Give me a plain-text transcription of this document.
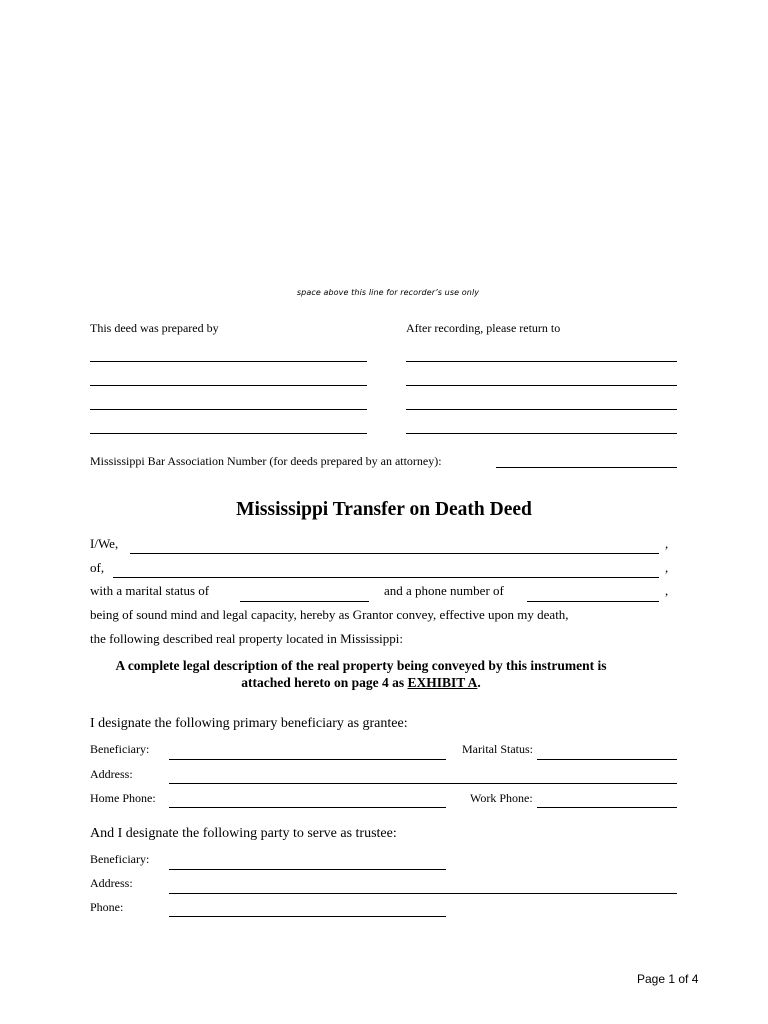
space above this line for recorder’s use only
This deed was prepared by	After recording, please return to
Mississippi Bar Association Number (for deeds prepared by an attorney):
Mississippi Transfer on Death Deed
I/We,	,
of,	,
with a marital status of	and a phone number of	,
being of sound mind and legal capacity, hereby as Grantor convey, effective upon my death,
the following described real property located in Mississippi:
A complete legal description of the real property being conveyed by this instrument is
attached hereto on page 4 as EXHIBIT A.
I designate the following primary beneficiary as grantee:
Beneficiary:	Marital Status:
Address:
Home Phone:	Work Phone:
And I designate the following party to serve as trustee:
Beneficiary:
Address:
Phone:
Page 1 of 4
